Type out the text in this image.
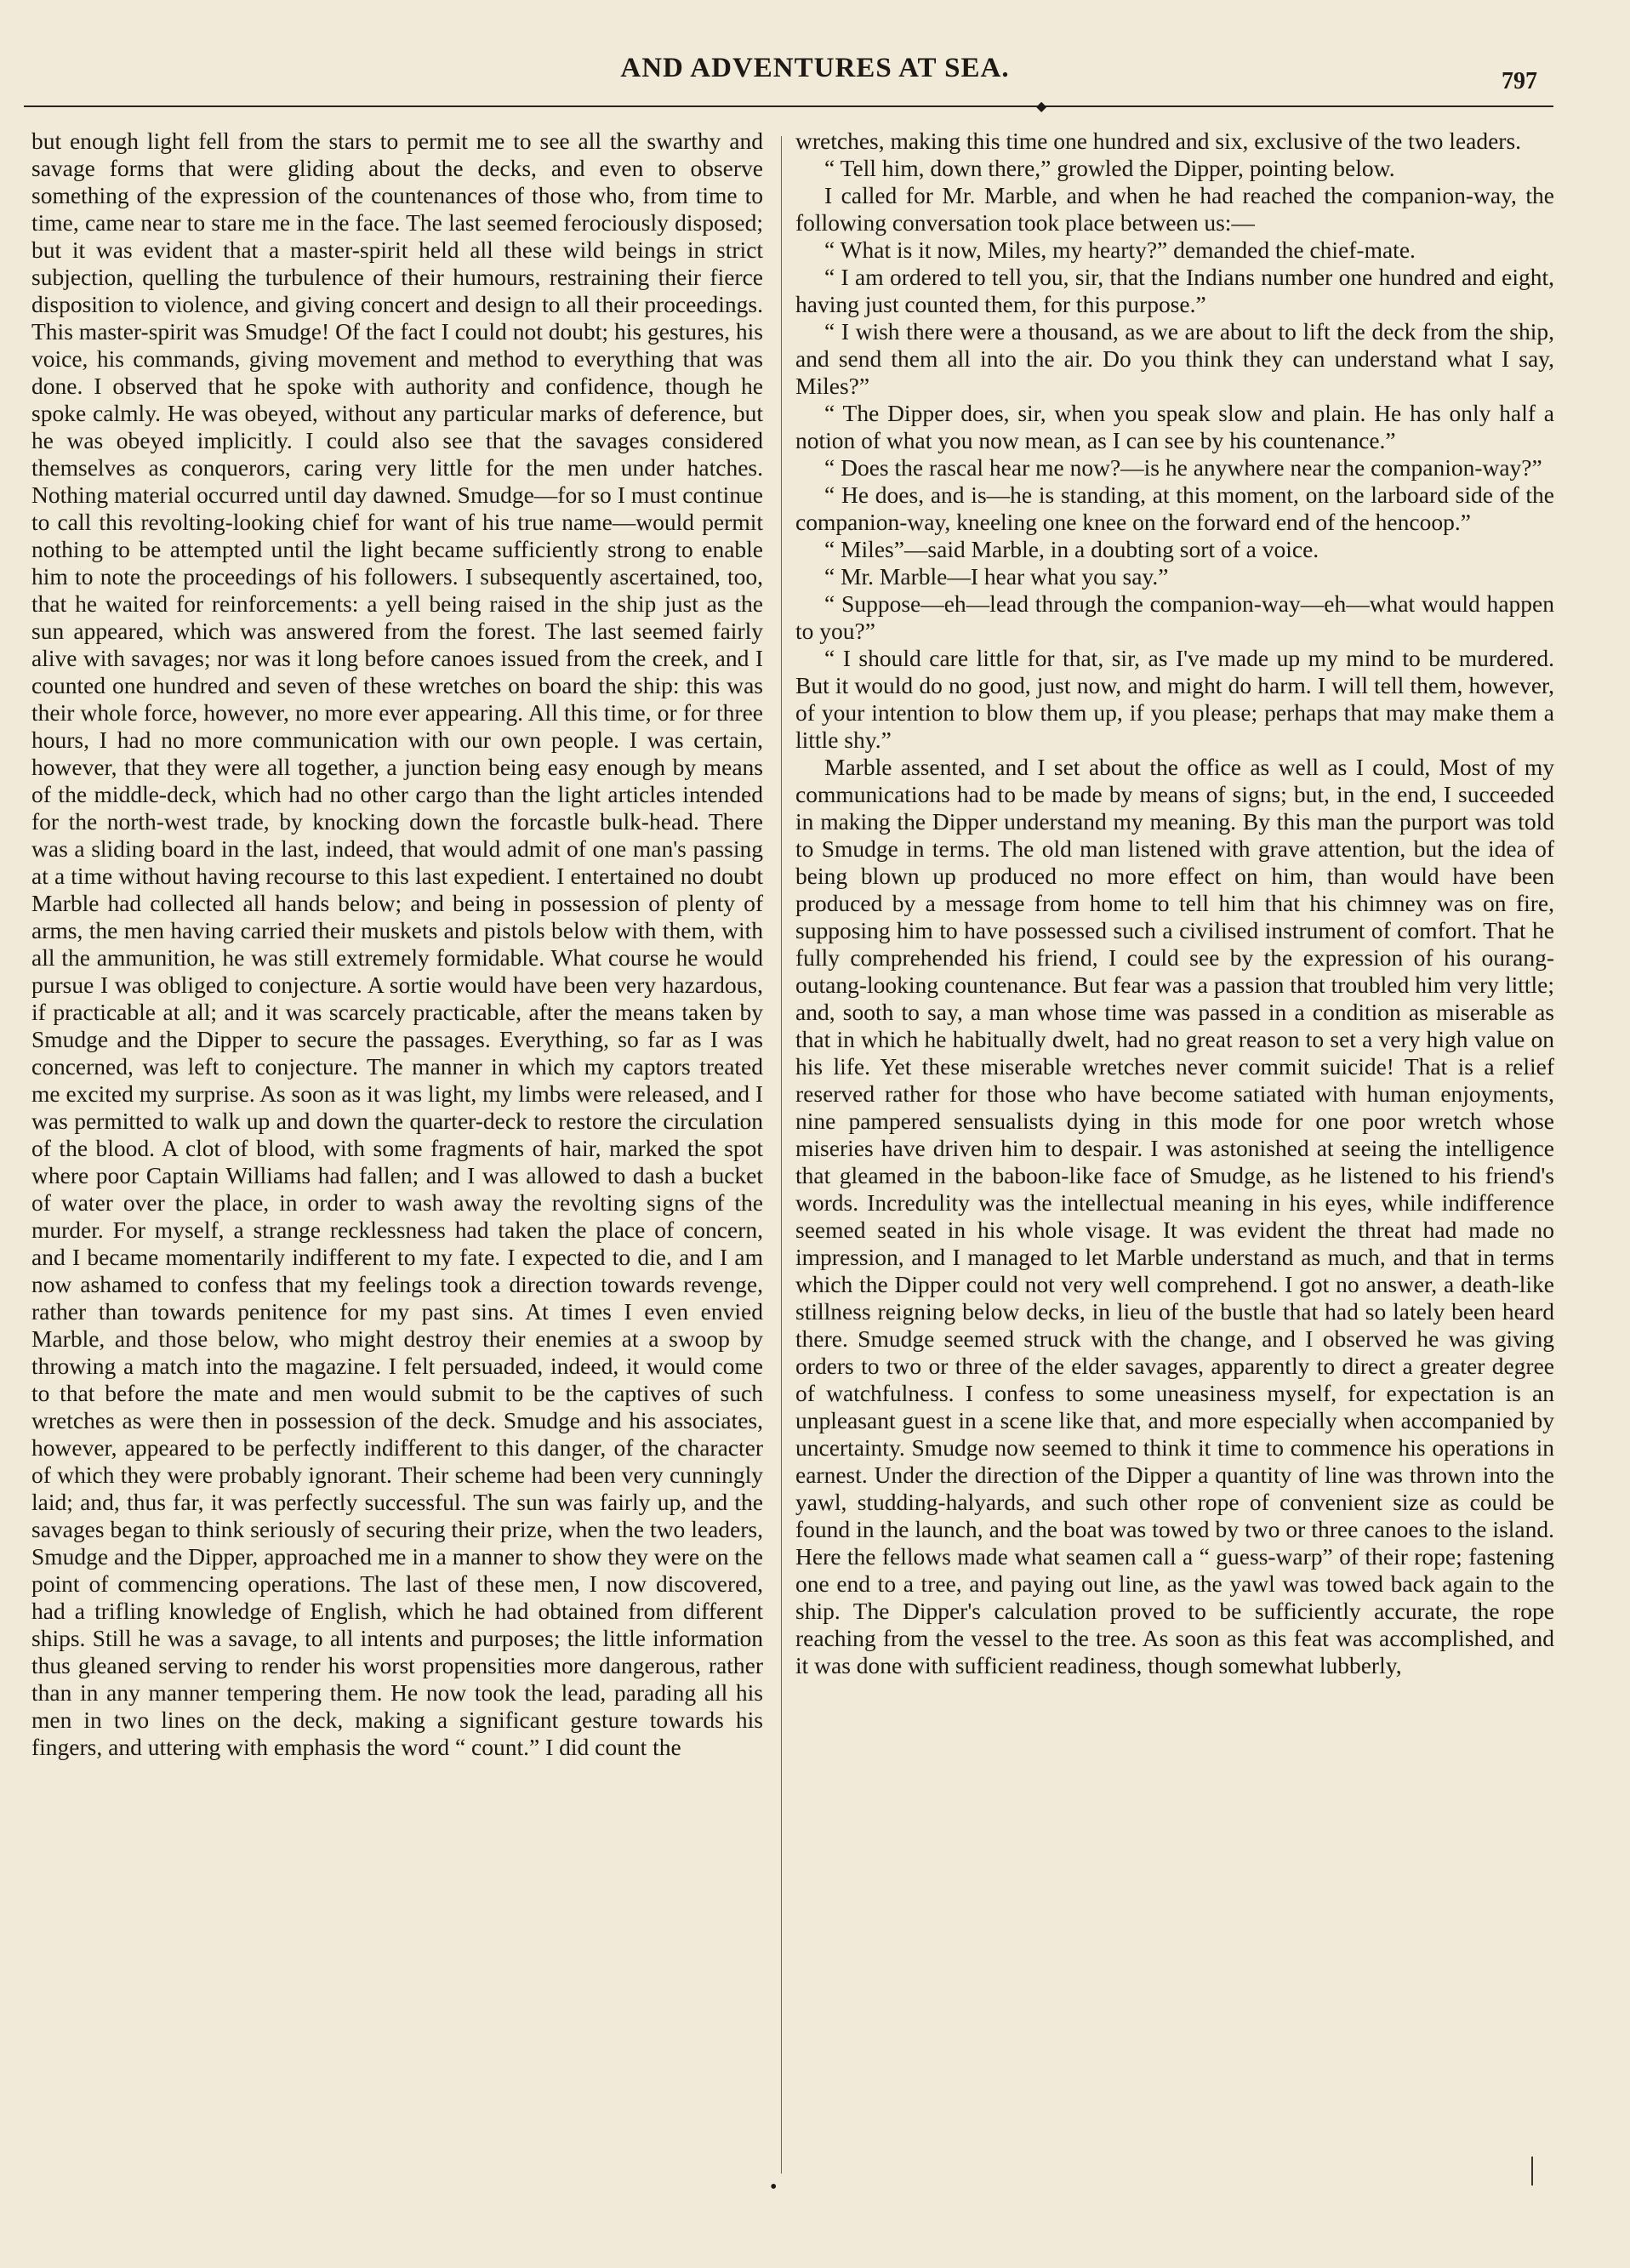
AND ADVENTURES AT SEA.	797
◆

but enough light fell from the stars to permit me to see all the swarthy and savage forms that were gliding about the decks, and even to observe something of the expression of the countenances of those who, from time to time, came near to stare me in the face. The last seemed ferociously disposed; but it was evident that a master-spirit held all these wild beings in strict subjection, quelling the turbulence of their humours, restraining their fierce disposition to violence, and giving concert and design to all their proceedings. This master-spirit was Smudge! Of the fact I could not doubt; his gestures, his voice, his commands, giving movement and method to everything that was done. I observed that he spoke with authority and confidence, though he spoke calmly. He was obeyed, without any particular marks of deference, but he was obeyed implicitly. I could also see that the savages considered themselves as conquerors, caring very little for the men under hatches. Nothing material occurred until day dawned. Smudge—for so I must continue to call this revolting-looking chief for want of his true name—would permit nothing to be attempted until the light became sufficiently strong to enable him to note the proceedings of his followers. I subsequently ascertained, too, that he waited for reinforcements: a yell being raised in the ship just as the sun appeared, which was answered from the forest. The last seemed fairly alive with savages; nor was it long before canoes issued from the creek, and I counted one hundred and seven of these wretches on board the ship: this was their whole force, however, no more ever appearing. All this time, or for three hours, I had no more communication with our own people. I was certain, however, that they were all together, a junction being easy enough by means of the middle-deck, which had no other cargo than the light articles intended for the north-west trade, by knocking down the forcastle bulk-head. There was a sliding board in the last, indeed, that would admit of one man's passing at a time without having recourse to this last expedient. I entertained no doubt Marble had collected all hands below; and being in possession of plenty of arms, the men having carried their muskets and pistols below with them, with all the ammunition, he was still extremely formidable. What course he would pursue I was obliged to conjecture. A sortie would have been very hazardous, if practicable at all; and it was scarcely practicable, after the means taken by Smudge and the Dipper to secure the passages. Everything, so far as I was concerned, was left to conjecture. The manner in which my captors treated me excited my surprise. As soon as it was light, my limbs were released, and I was permitted to walk up and down the quarter-deck to restore the circulation of the blood. A clot of blood, with some fragments of hair, marked the spot where poor Captain Williams had fallen; and I was allowed to dash a bucket of water over the place, in order to wash away the revolting signs of the murder. For myself, a strange recklessness had taken the place of concern, and I became momentarily indifferent to my fate. I expected to die, and I am now ashamed to confess that my feelings took a direction towards revenge, rather than towards penitence for my past sins. At times I even envied Marble, and those below, who might destroy their enemies at a swoop by throwing a match into the magazine. I felt persuaded, indeed, it would come to that before the mate and men would submit to be the captives of such wretches as were then in possession of the deck. Smudge and his associates, however, appeared to be perfectly indifferent to this danger, of the character of which they were probably ignorant. Their scheme had been very cunningly laid; and, thus far, it was perfectly successful. The sun was fairly up, and the savages began to think seriously of securing their prize, when the two leaders, Smudge and the Dipper, approached me in a manner to show they were on the point of commencing operations. The last of these men, I now discovered, had a trifling knowledge of English, which he had obtained from different ships. Still he was a savage, to all intents and purposes; the little information thus gleaned serving to render his worst propensities more dangerous, rather than in any manner tempering them. He now took the lead, parading all his men in two lines on the deck, making a significant gesture towards his fingers, and uttering with emphasis the word “ count.” I did count the

wretches, making this time one hundred and six, exclusive of the two leaders.

“ Tell him, down there,” growled the Dipper, pointing below.

I called for Mr. Marble, and when he had reached the companion-way, the following conversation took place between us:—

“ What is it now, Miles, my hearty?” demanded the chief-mate.

“ I am ordered to tell you, sir, that the Indians number one hundred and eight, having just counted them, for this purpose.”

“ I wish there were a thousand, as we are about to lift the deck from the ship, and send them all into the air. Do you think they can understand what I say, Miles?”

“ The Dipper does, sir, when you speak slow and plain. He has only half a notion of what you now mean, as I can see by his countenance.”

“ Does the rascal hear me now?—is he anywhere near the companion-way?”

“ He does, and is—he is standing, at this moment, on the larboard side of the companion-way, kneeling one knee on the forward end of the hencoop.”

“ Miles”—said Marble, in a doubting sort of a voice.

“ Mr. Marble—I hear what you say.”

“ Suppose—eh—lead through the companion-way—eh—what would happen to you?”

“ I should care little for that, sir, as I've made up my mind to be murdered. But it would do no good, just now, and might do harm. I will tell them, however, of your intention to blow them up, if you please; perhaps that may make them a little shy.”

Marble assented, and I set about the office as well as I could, Most of my communications had to be made by means of signs; but, in the end, I succeeded in making the Dipper understand my meaning. By this man the purport was told to Smudge in terms. The old man listened with grave attention, but the idea of being blown up produced no more effect on him, than would have been produced by a message from home to tell him that his chimney was on fire, supposing him to have possessed such a civilised instrument of comfort. That he fully comprehended his friend, I could see by the expression of his ourang-outang-looking countenance. But fear was a passion that troubled him very little; and, sooth to say, a man whose time was passed in a condition as miserable as that in which he habitually dwelt, had no great reason to set a very high value on his life. Yet these miserable wretches never commit suicide! That is a relief reserved rather for those who have become satiated with human enjoyments, nine pampered sensualists dying in this mode for one poor wretch whose miseries have driven him to despair. I was astonished at seeing the intelligence that gleamed in the baboon-like face of Smudge, as he listened to his friend's words. Incredulity was the intellectual meaning in his eyes, while indifference seemed seated in his whole visage. It was evident the threat had made no impression, and I managed to let Marble understand as much, and that in terms which the Dipper could not very well comprehend. I got no answer, a death-like stillness reigning below decks, in lieu of the bustle that had so lately been heard there. Smudge seemed struck with the change, and I observed he was giving orders to two or three of the elder savages, apparently to direct a greater degree of watchfulness. I confess to some uneasiness myself, for expectation is an unpleasant guest in a scene like that, and more especially when accompanied by uncertainty. Smudge now seemed to think it time to commence his operations in earnest. Under the direction of the Dipper a quantity of line was thrown into the yawl, studding-halyards, and such other rope of convenient size as could be found in the launch, and the boat was towed by two or three canoes to the island. Here the fellows made what seamen call a “ guess-warp” of their rope; fastening one end to a tree, and paying out line, as the yawl was towed back again to the ship. The Dipper's calculation proved to be sufficiently accurate, the rope reaching from the vessel to the tree. As soon as this feat was accomplished, and it was done with sufficient readiness, though somewhat lubberly,

•
